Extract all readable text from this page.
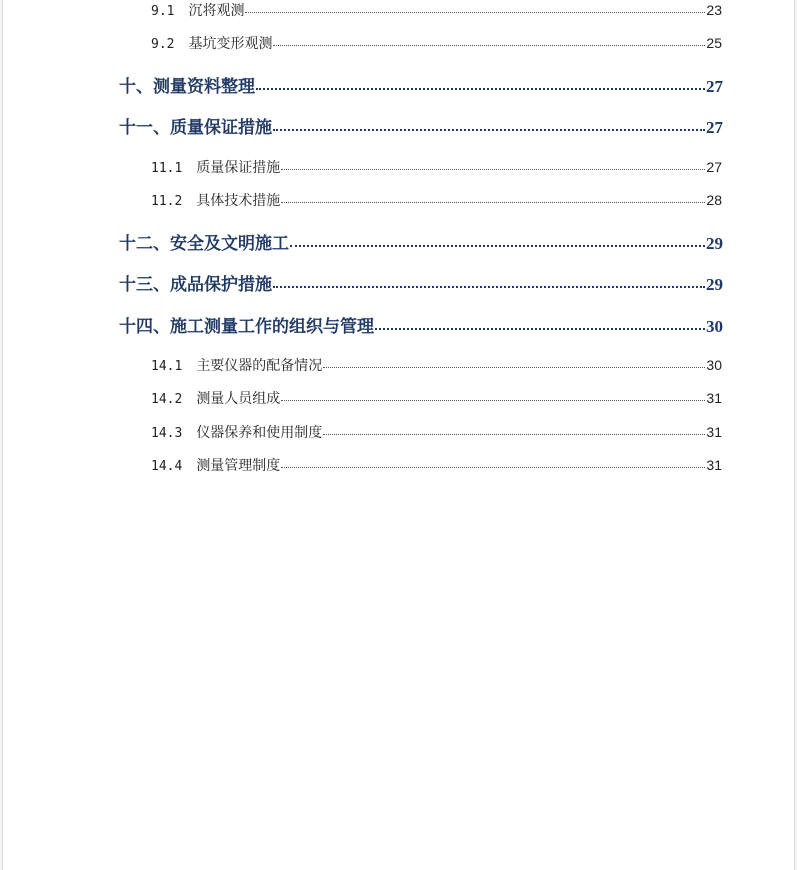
9.1 沉将观测	23
9.2 基坑变形观测	25
十、测量资料整理	27
十一、质量保证措施	27
11.1 质量保证措施	27
11.2 具体技术措施	28
十二、安全及文明施工	29
十三、成品保护措施	29
十四、施工测量工作的组织与管理	30
14.1 主要仪器的配备情况	30
14.2 测量人员组成	31
14.3 仪器保养和使用制度	31
14.4 测量管理制度	31
